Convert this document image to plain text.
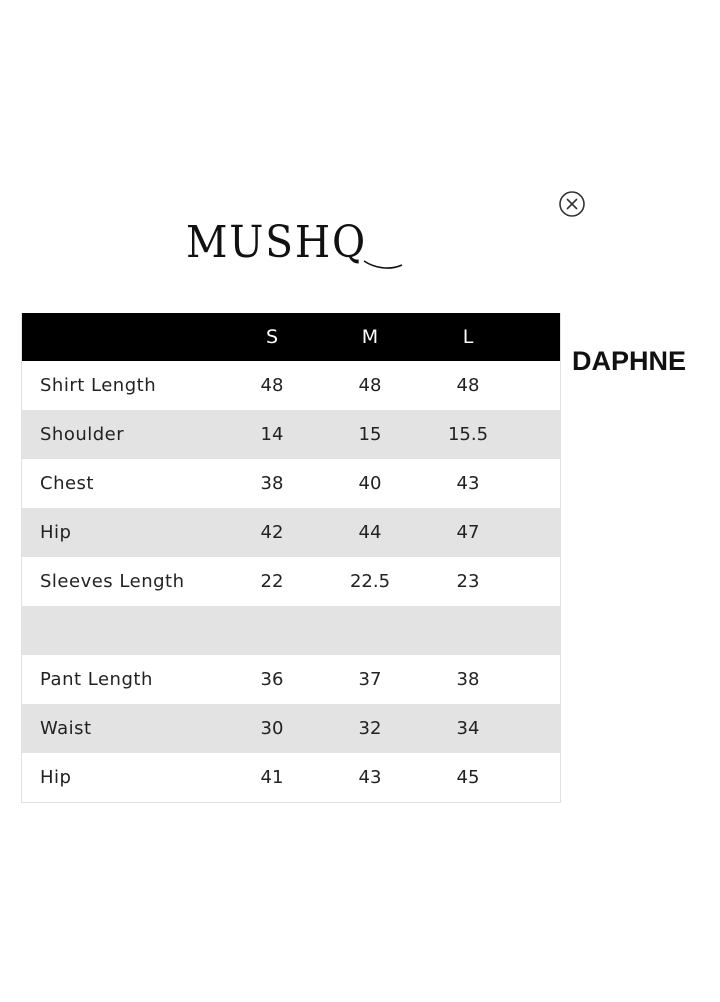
MUSHQ
DAPHNE
S	M	L
Shirt Length	48	48	48
Shoulder	14	15	15.5
Chest	38	40	43
Hip	42	44	47
Sleeves Length	22	22.5	23
Pant Length	36	37	38
Waist	30	32	34
Hip	41	43	45
